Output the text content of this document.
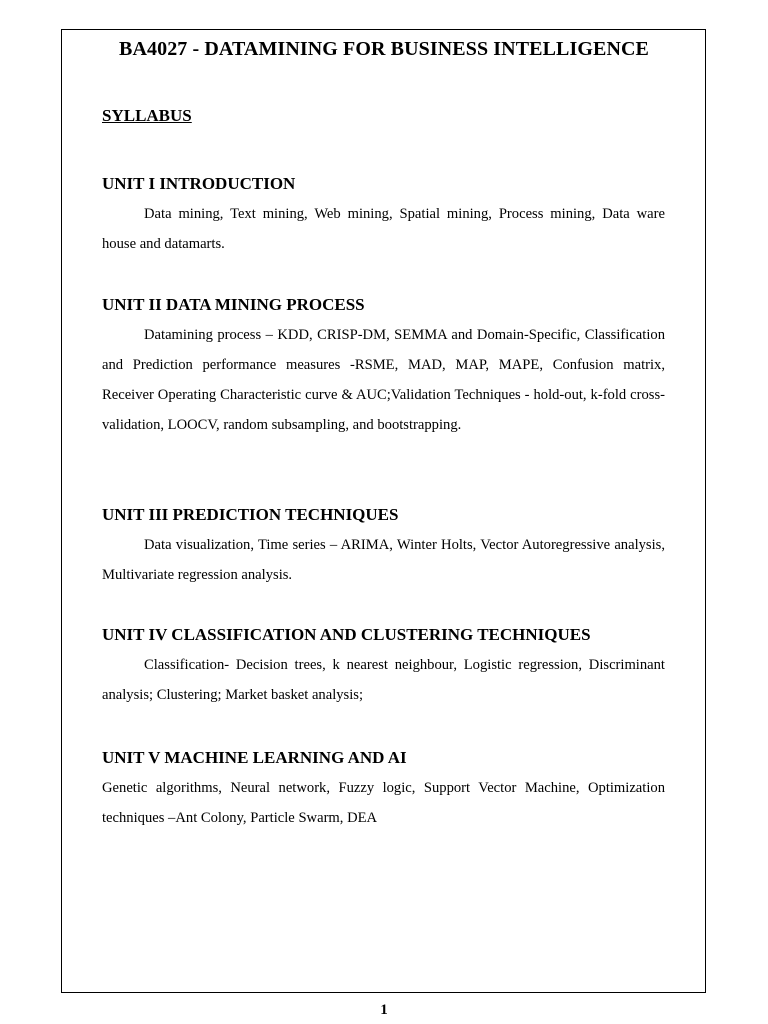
BA4027 - DATAMINING FOR BUSINESS INTELLIGENCE
SYLLABUS
UNIT I INTRODUCTION

Data mining, Text mining, Web mining, Spatial mining, Process mining, Data ware house and datamarts.

UNIT II DATA MINING PROCESS

Datamining process – KDD, CRISP-DM, SEMMA and Domain-Specific, Classification and Prediction performance measures -RSME, MAD, MAP, MAPE, Confusion matrix, Receiver Operating Characteristic curve & AUC;Validation Techniques - hold-out, k-fold cross-validation, LOOCV, random subsampling, and bootstrapping.

UNIT III PREDICTION TECHNIQUES

Data visualization, Time series – ARIMA, Winter Holts, Vector Autoregressive analysis, Multivariate regression analysis.

UNIT IV CLASSIFICATION AND CLUSTERING TECHNIQUES

Classification- Decision trees, k nearest neighbour, Logistic regression, Discriminant analysis; Clustering; Market basket analysis;

UNIT V MACHINE LEARNING AND AI

Genetic algorithms, Neural network, Fuzzy logic, Support Vector Machine, Optimization techniques –Ant Colony, Particle Swarm, DEA

1
